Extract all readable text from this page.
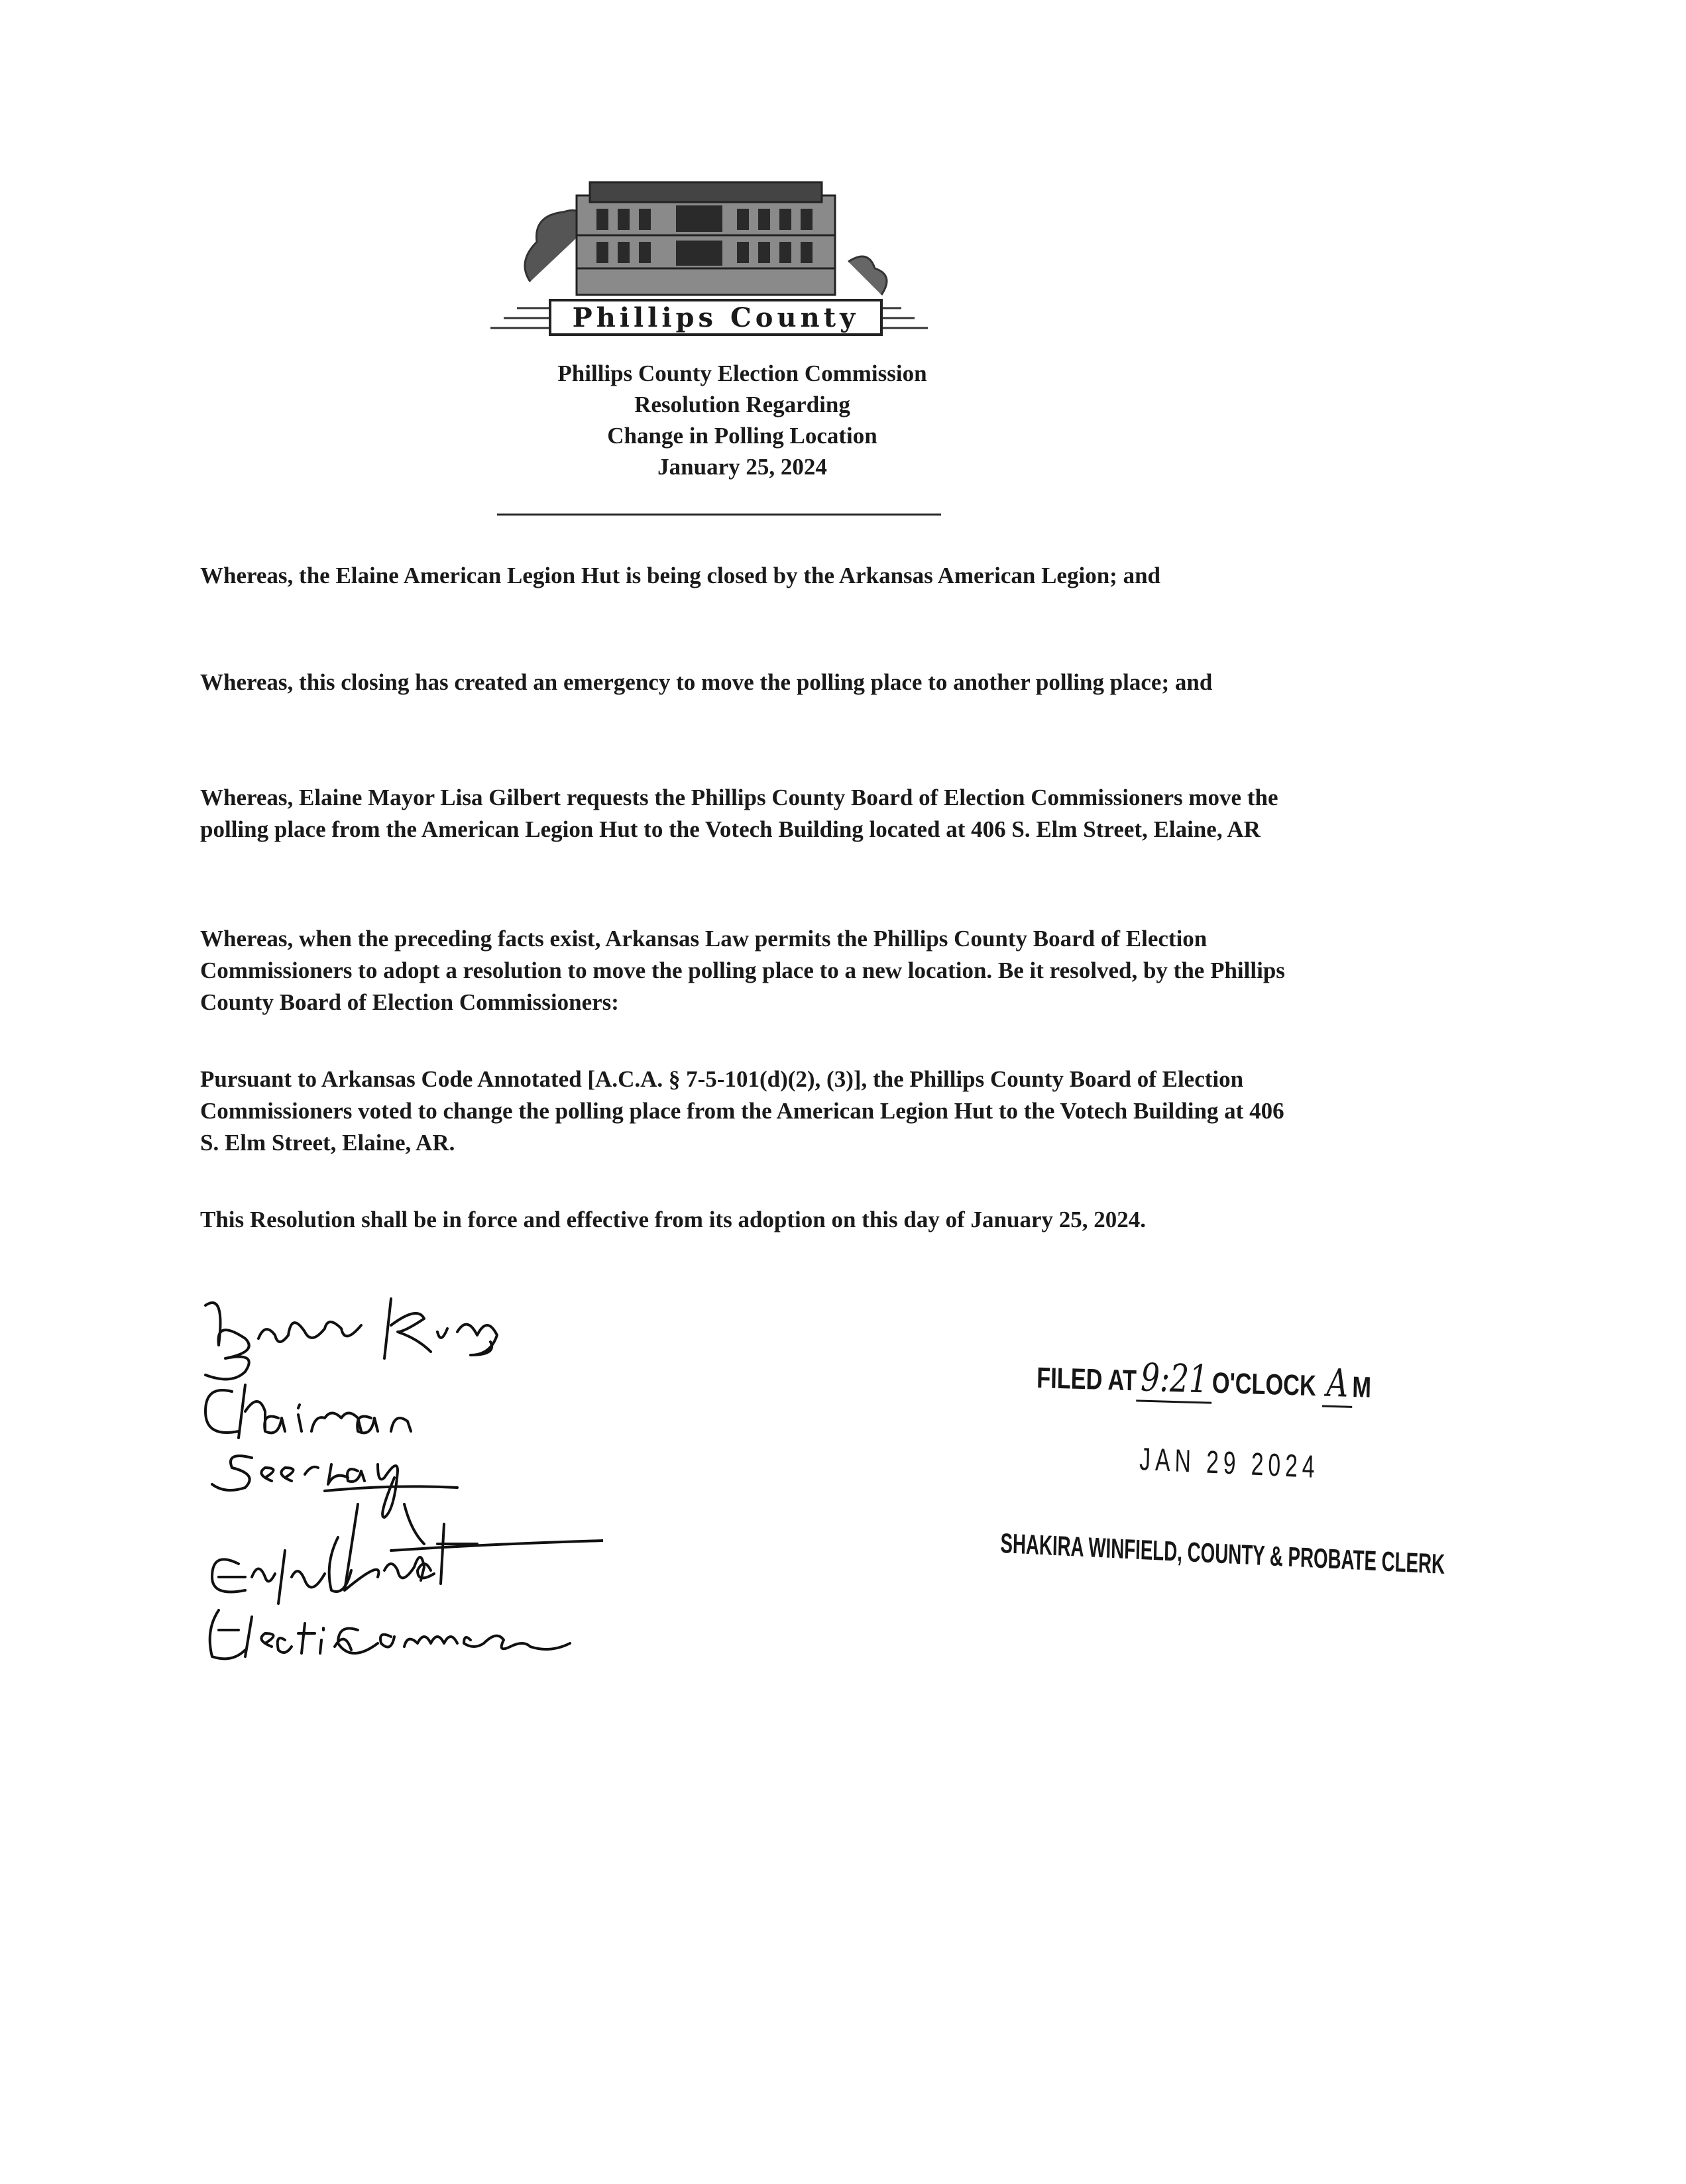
Phillips County
Phillips County Election Commission
Resolution Regarding
Change in Polling Location
January 25, 2024
Whereas, the Elaine American Legion Hut is being closed by the Arkansas American Legion; and
Whereas, this closing has created an emergency to move the polling place to another polling place; and
Whereas, Elaine Mayor Lisa Gilbert requests the Phillips County Board of Election Commissioners move the polling place from the American Legion Hut to the Votech Building located at 406 S. Elm Street, Elaine, AR
Whereas, when the preceding facts exist, Arkansas Law permits the Phillips County Board of Election Commissioners to adopt a resolution to move the polling place to a new location. Be it resolved, by the Phillips County Board of Election Commissioners:
Pursuant to Arkansas Code Annotated [A.C.A. § 7-5-101(d)(2), (3)], the Phillips County Board of Election Commissioners voted to change the polling place from the American Legion Hut to the Votech Building at 406 S. Elm Street, Elaine, AR.
This Resolution shall be in force and effective from its adoption on this day of January 25, 2024.
FILED AT9:21 O'CLOCK A M
JAN 29 2024
SHAKIRA WINFIELD, COUNTY & PROBATE CLERK
